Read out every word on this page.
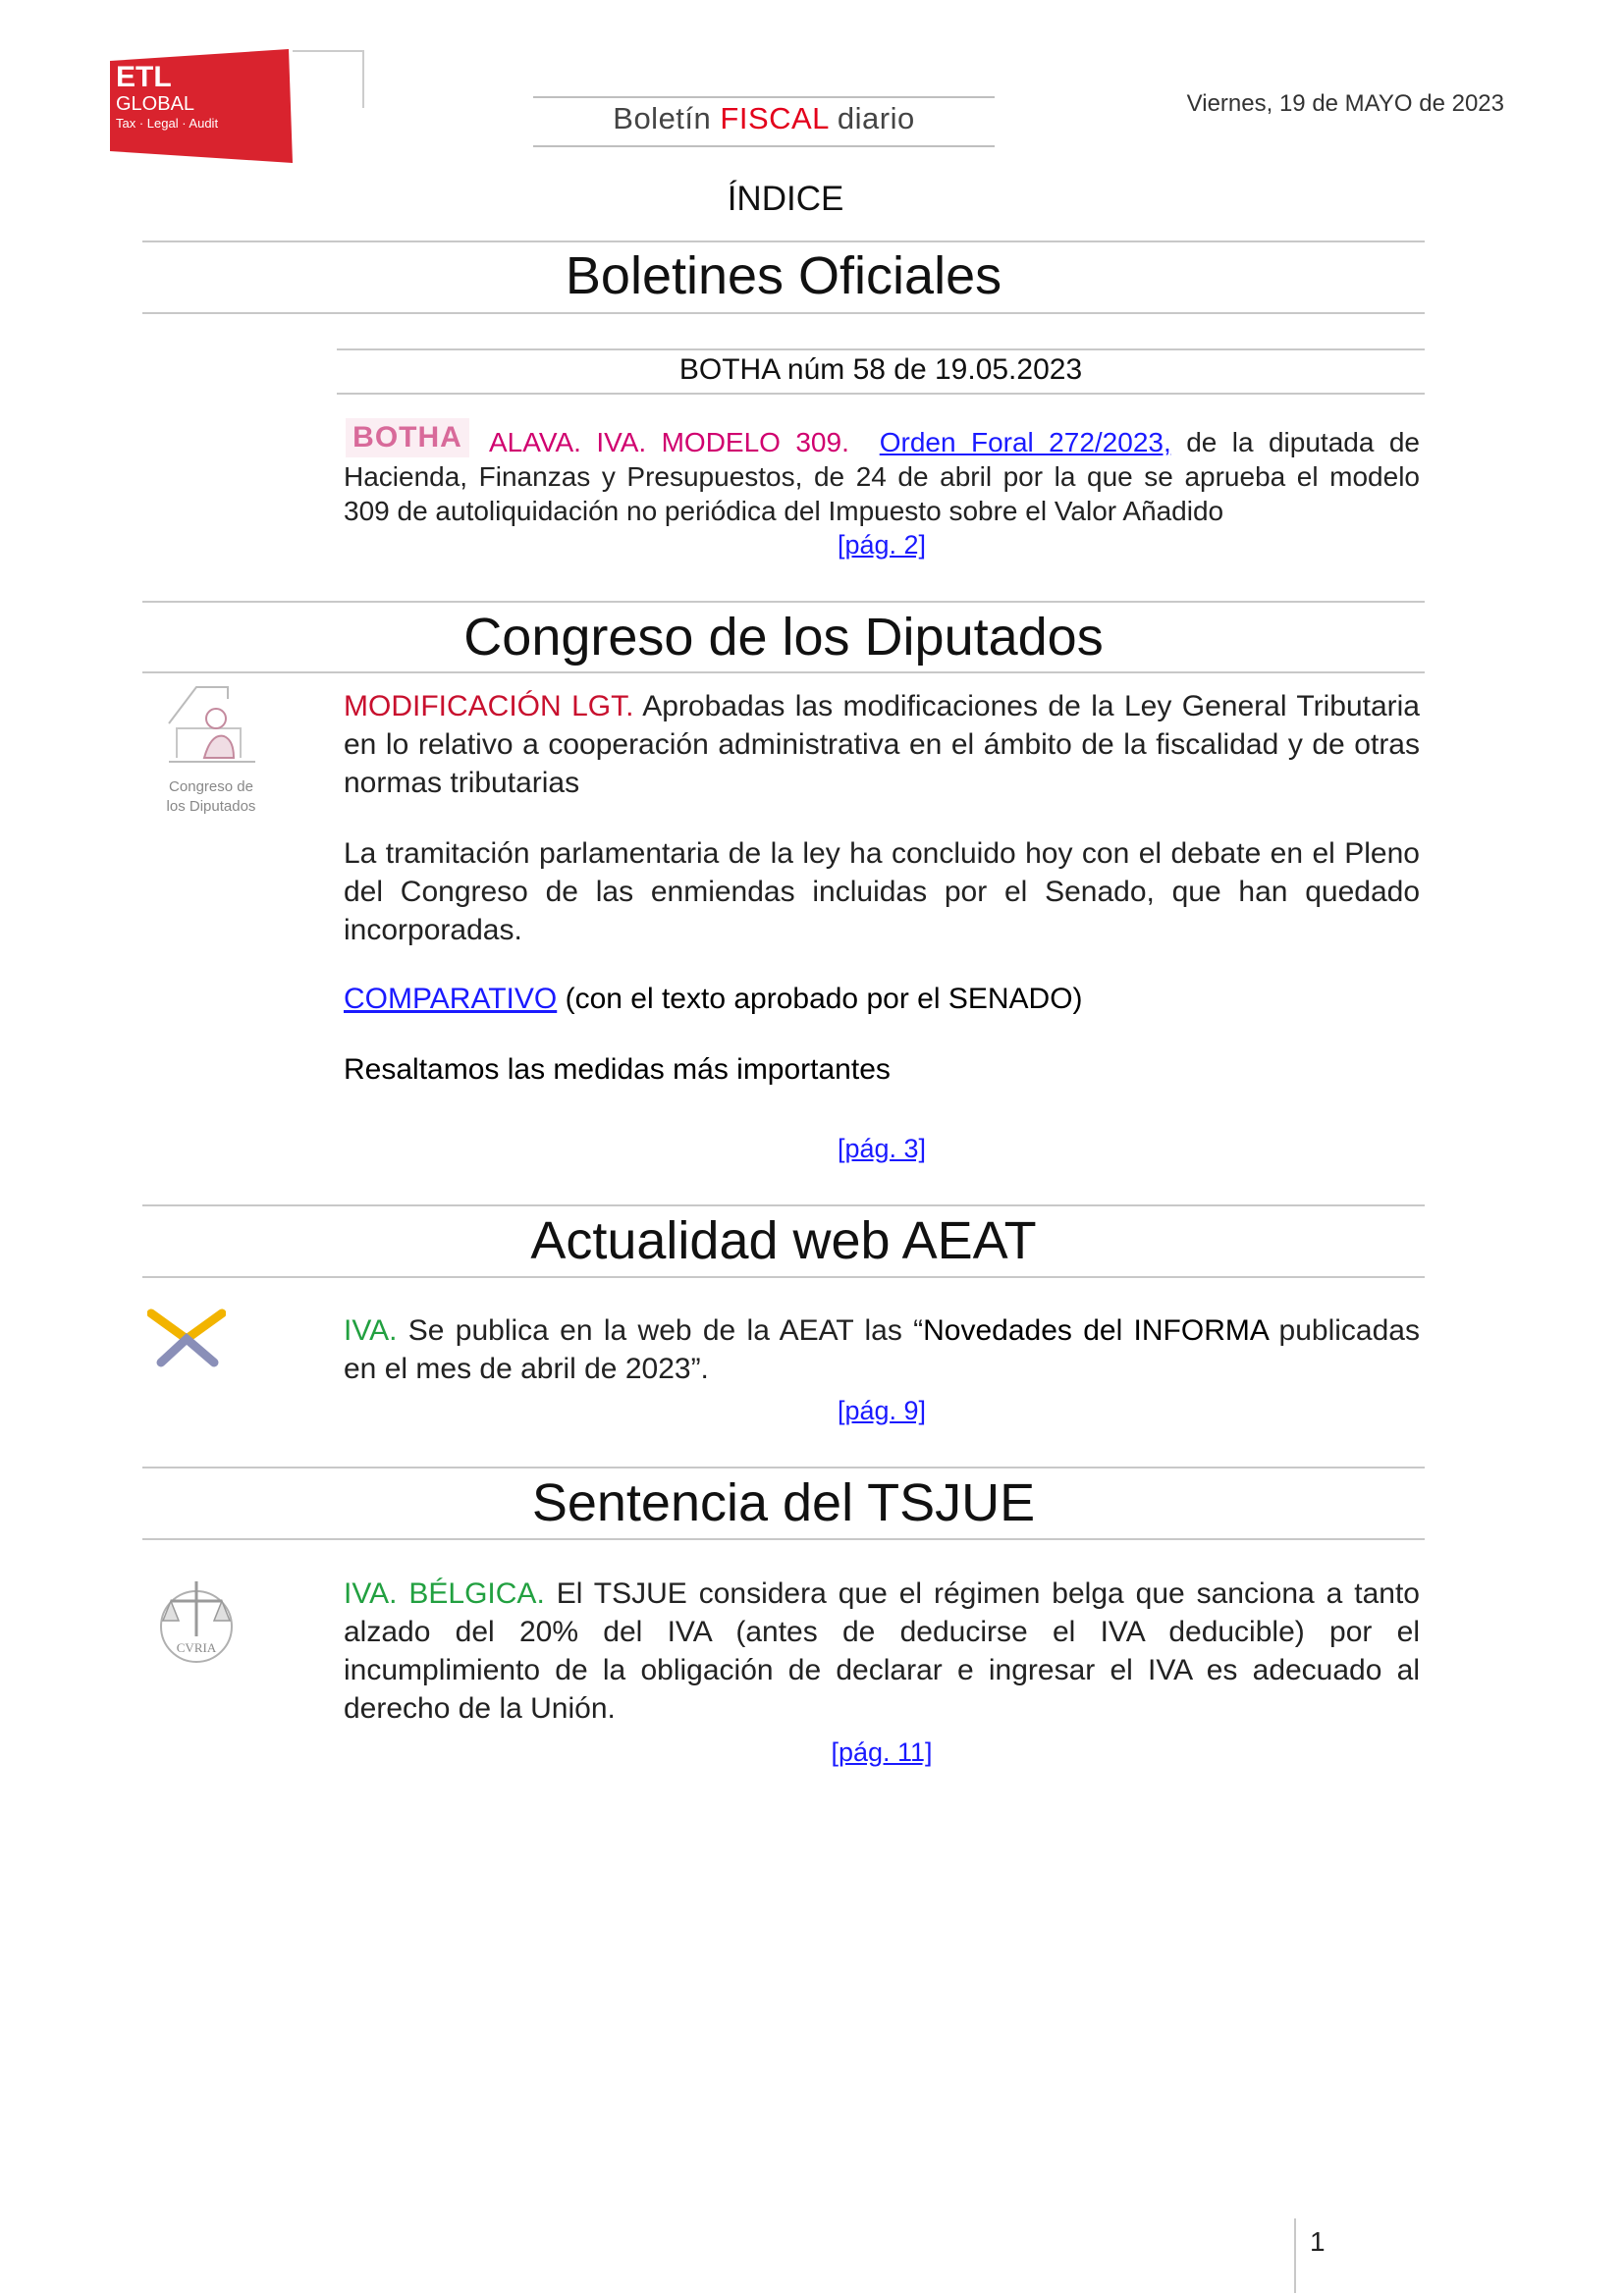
ETL
GLOBAL
Tax · Legal · Audit	Boletín FISCAL diario	Viernes, 19 de MAYO de 2023
ÍNDICE
Boletines Oficiales
BOTHA núm 58 de 19.05.2023
BOTHA ALAVA. IVA. MODELO 309. Orden Foral 272/2023, de la diputada de Hacienda, Finanzas y Presupuestos, de 24 de abril por la que se aprueba el modelo 309 de autoliquidación no periódica del Impuesto sobre el Valor Añadido
[pág. 2]
Congreso de los Diputados
Congreso de
los Diputados
MODIFICACIÓN LGT. Aprobadas las modificaciones de la Ley General Tributaria en lo relativo a cooperación administrativa en el ámbito de la fiscalidad y de otras normas tributarias
La tramitación parlamentaria de la ley ha concluido hoy con el debate en el Pleno del Congreso de las enmiendas incluidas por el Senado, que han quedado incorporadas.
COMPARATIVO (con el texto aprobado por el SENADO)
Resaltamos las medidas más importantes
[pág. 3]
Actualidad web AEAT
IVA. Se publica en la web de la AEAT las “Novedades del INFORMA publicadas en el mes de abril de 2023”.
[pág. 9]
Sentencia del TSJUE
CVRIA
IVA. BÉLGICA. El TSJUE considera que el régimen belga que sanciona a tanto alzado del 20% del IVA (antes de deducirse el IVA deducible) por el incumplimiento de la obligación de declarar e ingresar el IVA es adecuado al derecho de la Unión.
[pág. 11]
1
